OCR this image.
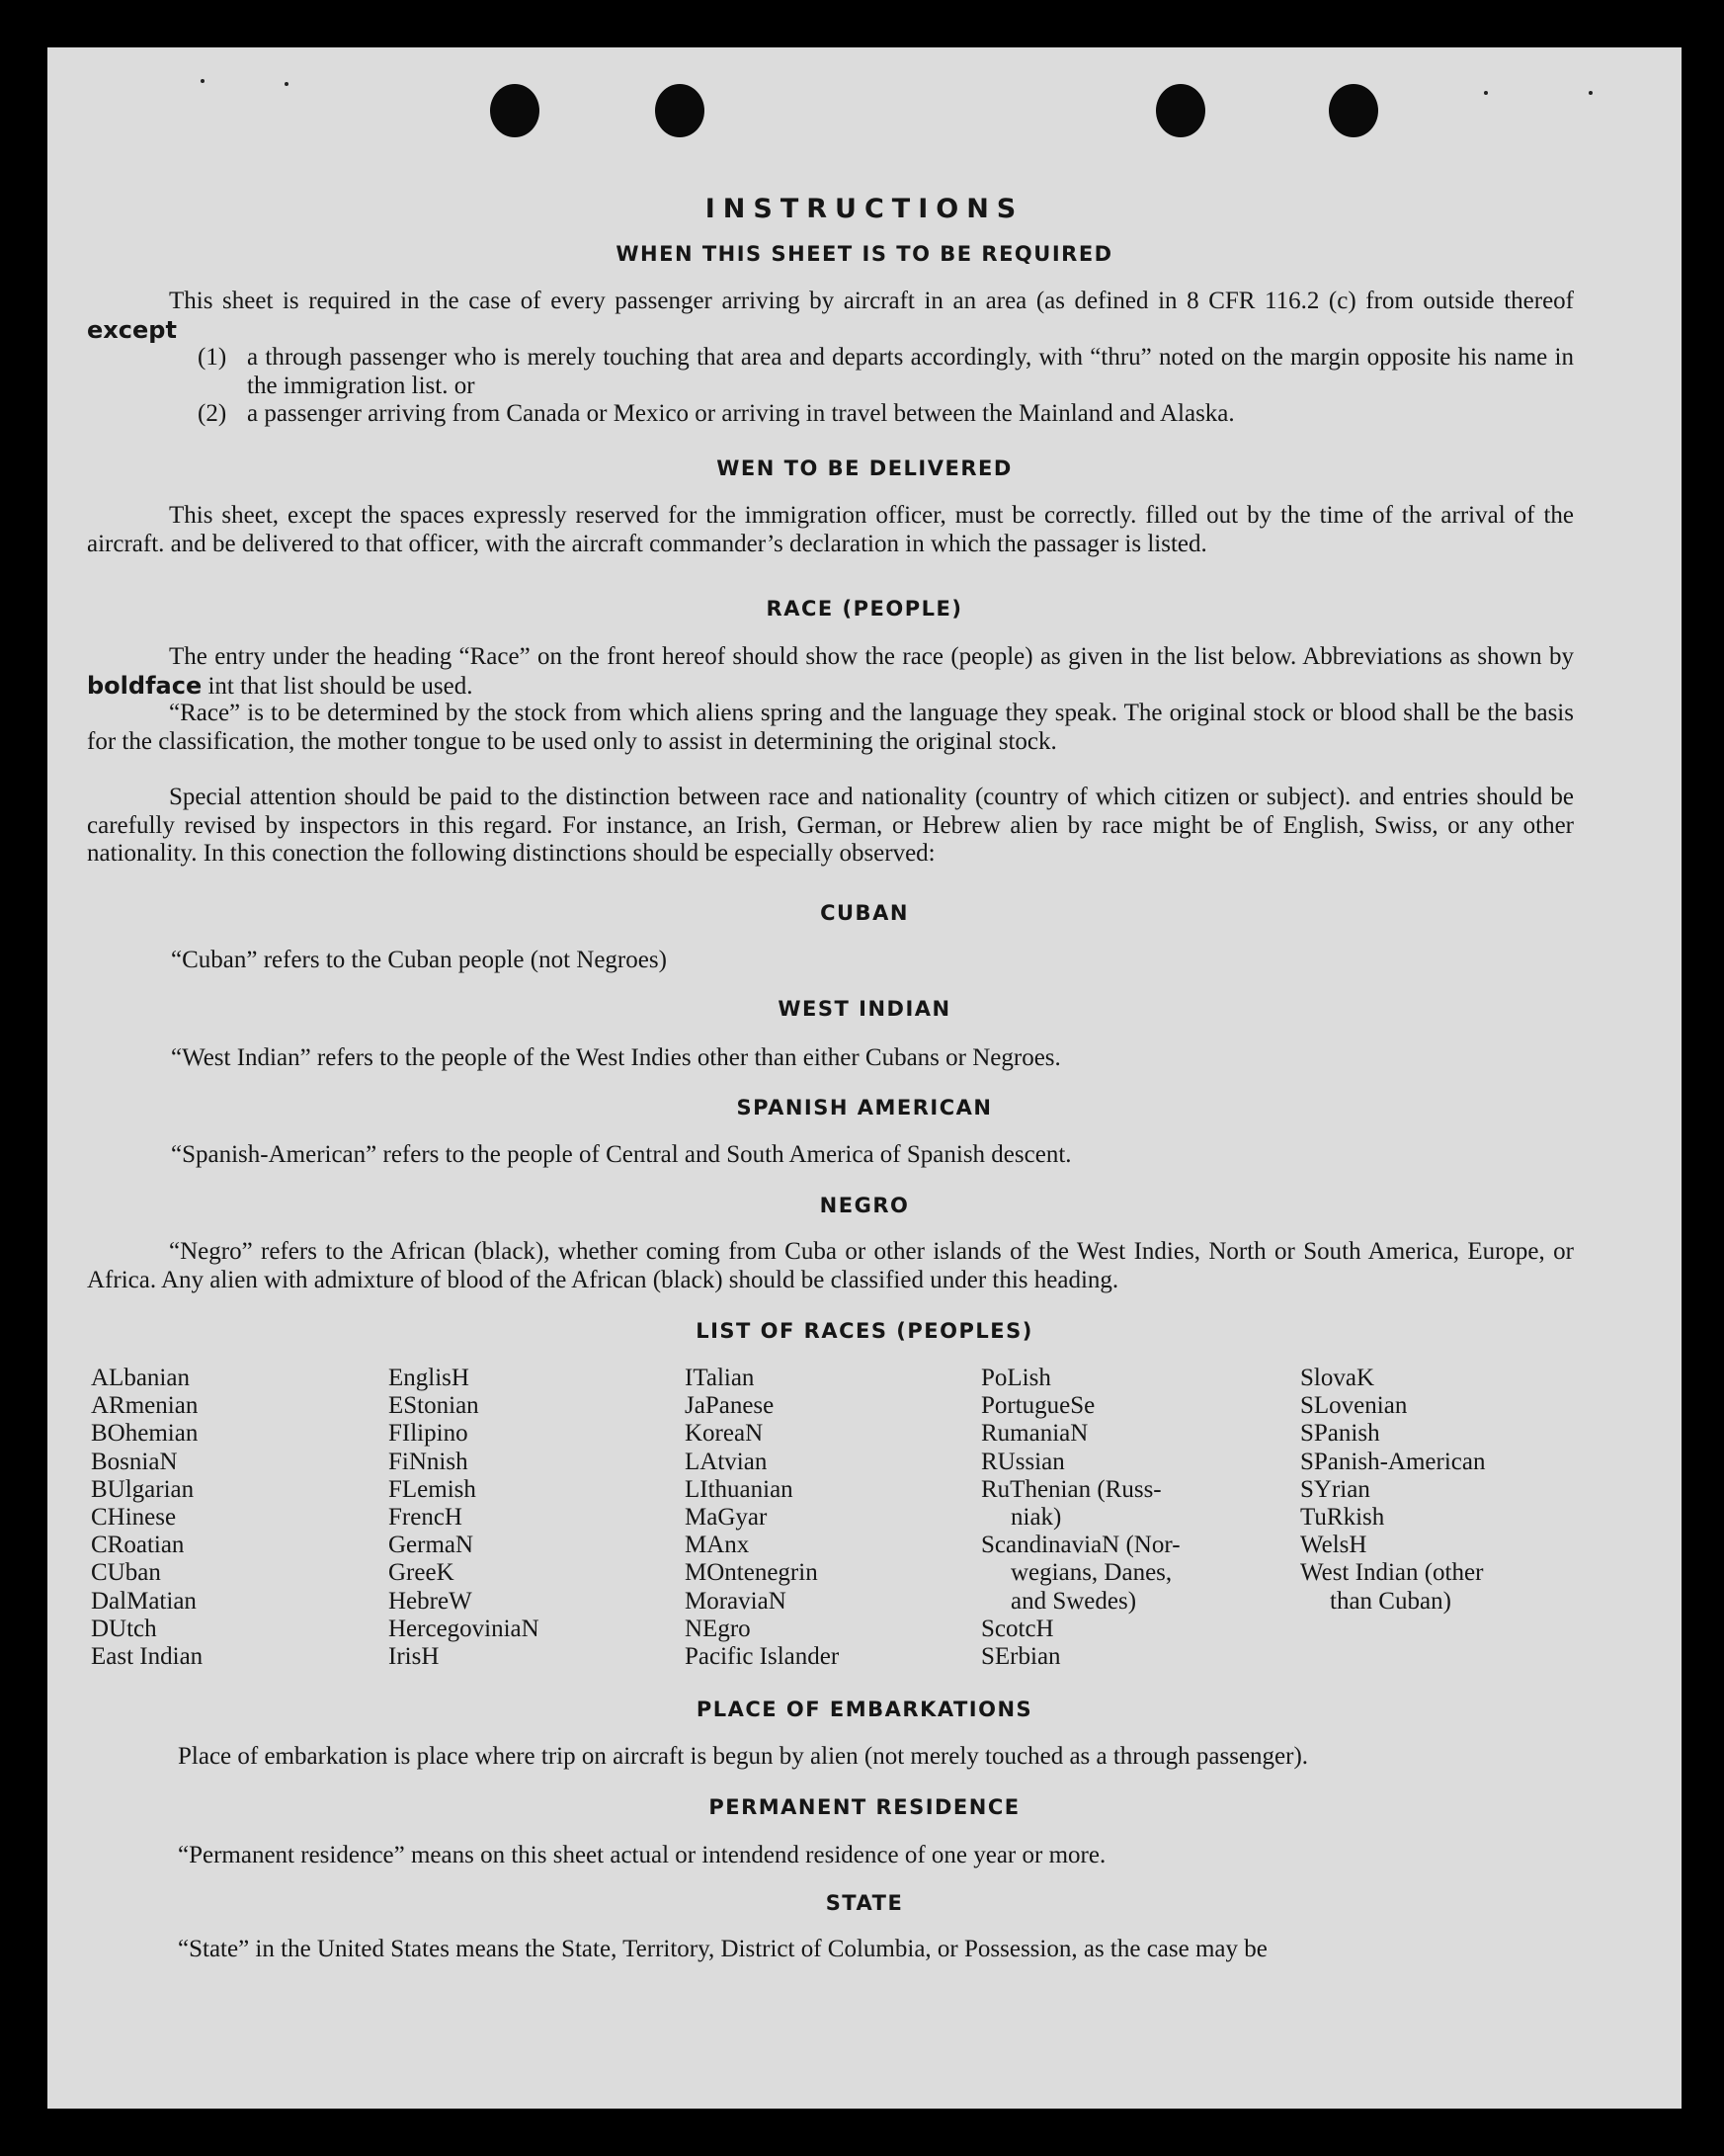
INSTRUCTIONS
WHEN THIS SHEET IS TO BE REQUIRED
This sheet is required in the case of every passenger arriving by aircraft in an area (as defined in 8 CFR 116.2 (c) from outside thereof except
(1) a through passenger who is merely touching that area and departs accordingly, with “thru” noted on the margin opposite his name in the immigration list. or
(2) a passenger arriving from Canada or Mexico or arriving in travel between the Mainland and Alaska.
WEN TO BE DELIVERED
This sheet, except the spaces expressly reserved for the immigration officer, must be correctly. filled out by the time of the arrival of the aircraft. and be delivered to that officer, with the aircraft commander’s declaration in which the passager is listed.
RACE (PEOPLE)
The entry under the heading “Race” on the front hereof should show the race (people) as given in the list below. Abbreviations as shown by boldface int that list should be used.
“Race” is to be determined by the stock from which aliens spring and the language they speak. The original stock or blood shall be the basis for the classification, the mother tongue to be used only to assist in determining the original stock.
Special attention should be paid to the distinction between race and nationality (country of which citizen or subject). and entries should be carefully revised by inspectors in this regard. For instance, an Irish, German, or Hebrew alien by race might be of English, Swiss, or any other nationality. In this conection the following distinctions should be especially observed:
CUBAN
“Cuban” refers to the Cuban people (not Negroes)
WEST INDIAN
“West Indian” refers to the people of the West Indies other than either Cubans or Negroes.
SPANISH AMERICAN
“Spanish-American” refers to the people of Central and South America of Spanish descent.
NEGRO
“Negro” refers to the African (black), whether coming from Cuba or other islands of the West Indies, North or South America, Europe, or Africa. Any alien with admixture of blood of the African (black) should be classified under this heading.
LIST OF RACES (PEOPLES)
ALbanian
ARmenian
BOhemian
BosniaN
BUlgarian
CHinese
CRoatian
CUban
DalMatian
DUtch
East Indian
EnglisH
EStonian
FIlipino
FiNnish
FLemish
FrencH
GermaN
GreeK
HebreW
HercegoviniaN
IrisH
ITalian
JaPanese
KoreaN
LAtvian
LIthuanian
MaGyar
MAnx
MOntenegrin
MoraviaN
NEgro
Pacific Islander
PoLish
PortugueSe
RumaniaN
RUssian
RuThenian (Russ-
niak)
ScandinaviaN (Nor-
wegians, Danes,
and Swedes)
ScotcH
SErbian
SlovaK
SLovenian
SPanish
SPanish-American
SYrian
TuRkish
WelsH
West Indian (other
than Cuban)
PLACE OF EMBARKATIONS
Place of embarkation is place where trip on aircraft is begun by alien (not merely touched as a through passenger).
PERMANENT RESIDENCE
“Permanent residence” means on this sheet actual or intendend residence of one year or more.
STATE
“State” in the United States means the State, Territory, District of Columbia, or Possession, as the case may be
